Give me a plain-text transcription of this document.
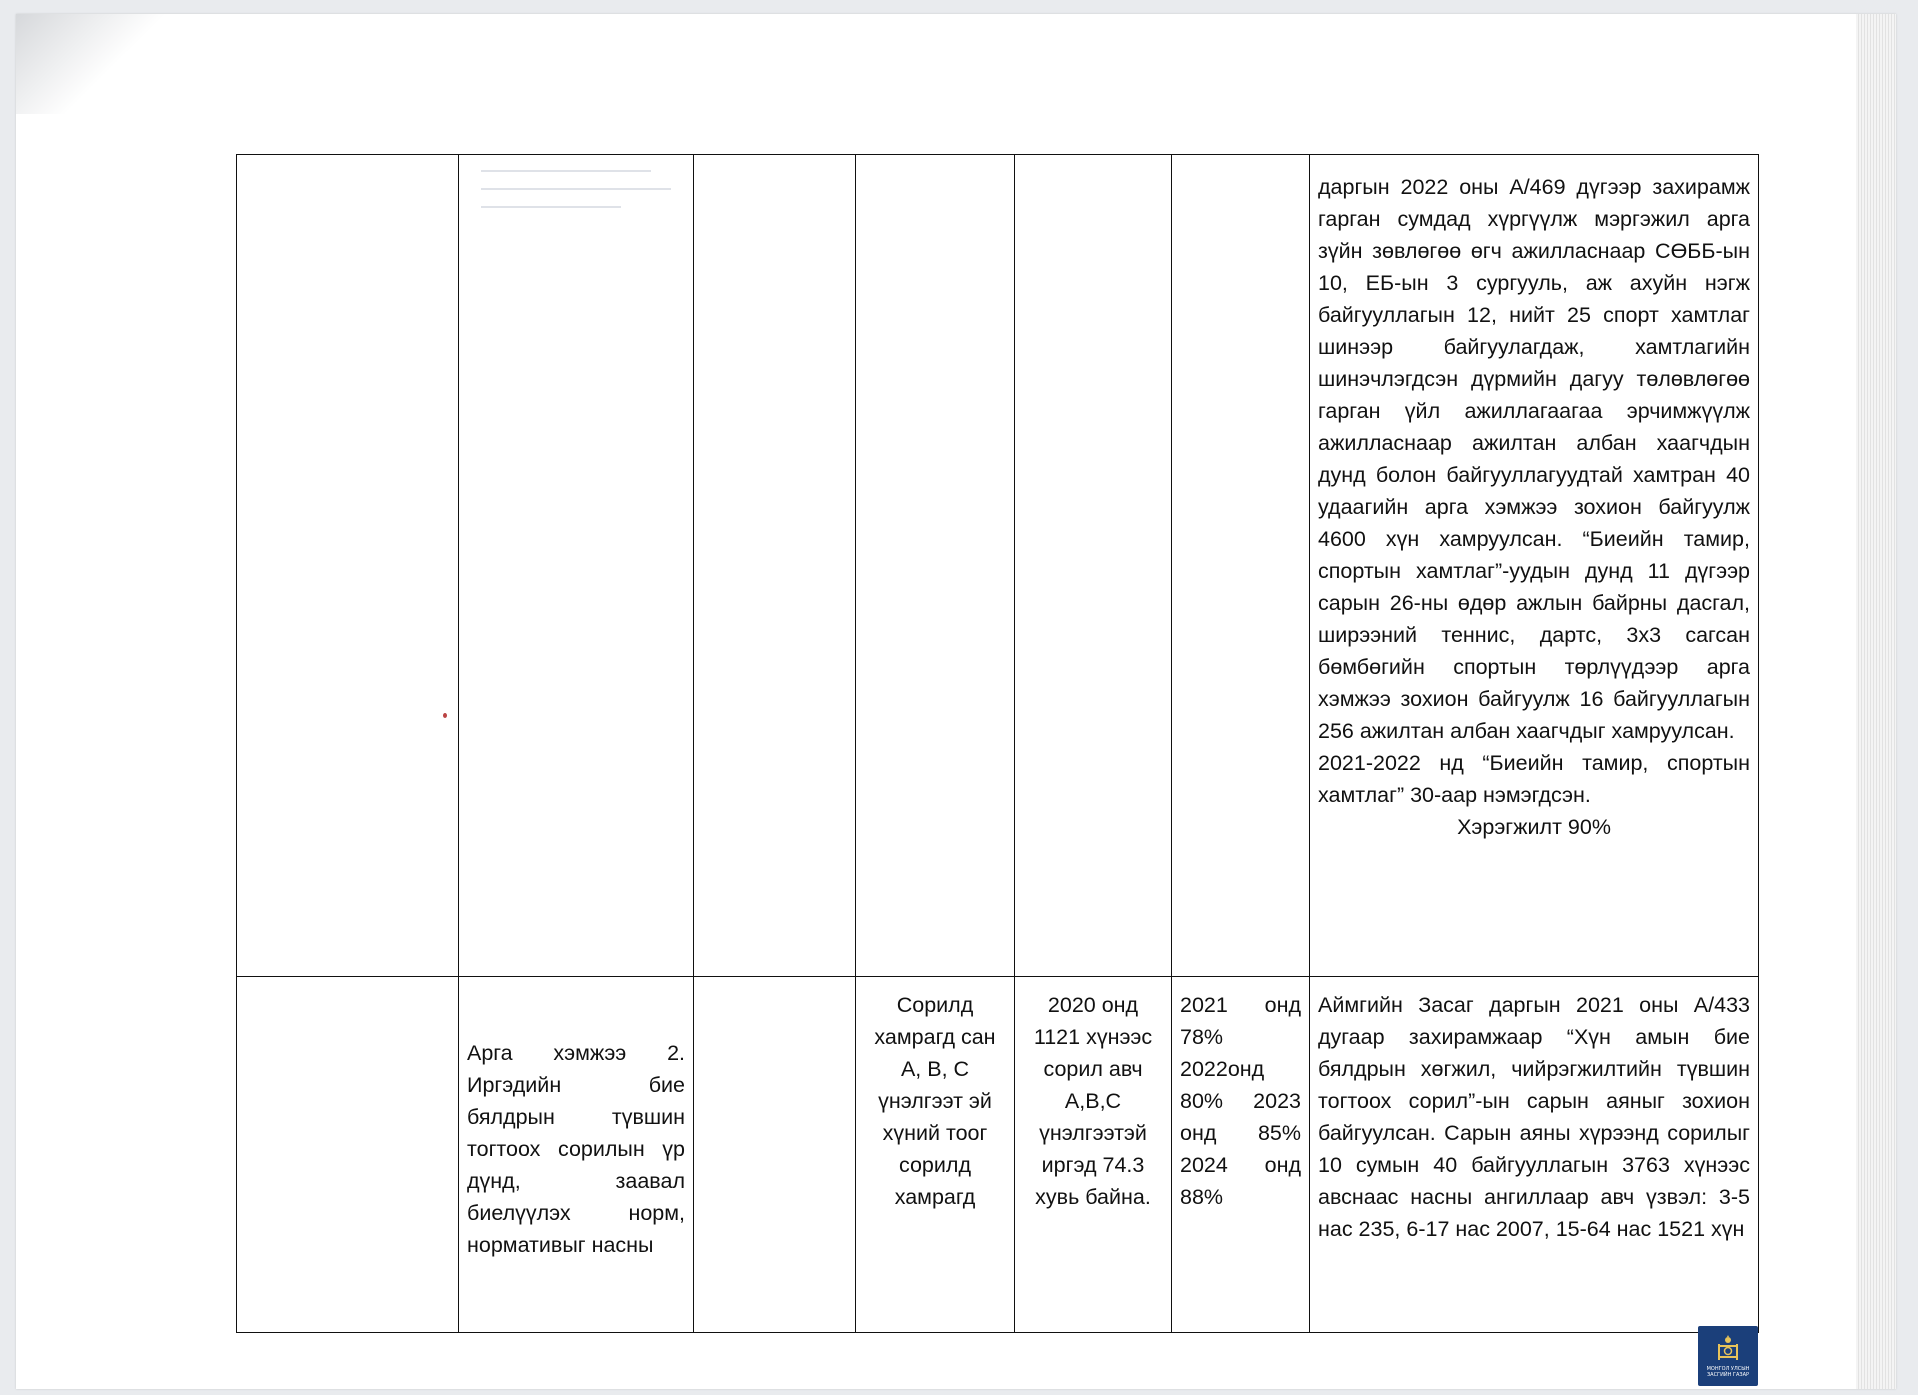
						даргын 2022 оны А/469 дүгээр захирамж гарган сумдад хүргүүлж мэргэжил арга зүйн зөвлөгөө өгч ажилласнаар СӨББ-ын 10, ЕБ-ын 3 сургууль, аж ахуйн нэгж байгууллагын 12, нийт 25 спорт хамтлаг шинээр байгуулагдаж, хамтлагийн шинэчлэгдсэн дүрмийн дагуу төлөвлөгөө гарган үйл ажиллагаагаа эрчимжүүлж ажилласнаар ажилтан албан хаагчдын дунд болон байгууллагуудтай хамтран 40 удаагийн арга хэмжээ зохион байгуулж 4600 хүн хамруулсан. “Биеийн тамир, спортын хамтлаг”-уудын дунд 11 дүгээр сарын 26-ны өдөр ажлын байрны дасгал, ширээний теннис, дартс, 3х3 сагсан бөмбөгийн спортын төрлүүдээр арга хэмжээ зохион байгуулж 16 байгууллагын 256 ажилтан албан хаагчдыг хамруулсан.
2021-2022 нд “Биеийн тамир, спортын хамтлаг” 30-аар нэмэгдсэн.
Хэрэгжилт 90%

	Арга хэмжээ 2. Иргэдийн бие бялдрын түвшин тогтоох сорилын үр дүнд, заавал биелүүлэх норм, нормативыг насны		Сорилд хамрагд сан А, В, С үнэлгээт эй хүний тоог сорилд хамрагд	2020 онд 1121 хүнээс сорил авч А,В,С үнэлгээтэй иргэд 74.3 хувь байна.	2021 онд 78% 2022онд 80% 2023 онд 85% 2024 онд 88%	Аймгийн Засаг даргын 2021 оны А/433 дугаар захирамжаар “Хүн амын бие бялдрын хөгжил, чийрэгжилтийн түвшин тогтоох сорил”-ын сарын аяныг зохион байгуулсан. Сарын аяны хүрээнд сорилыг 10 сумын 40 байгууллагын 3763 хүнээс авснаас насны ангиллаар авч үзвэл: 3-5 нас 235, 6-17 нас 2007, 15-64 нас 1521 хүн
МОНГОЛ УЛСЫН ЗАСГИЙН ГАЗАР
